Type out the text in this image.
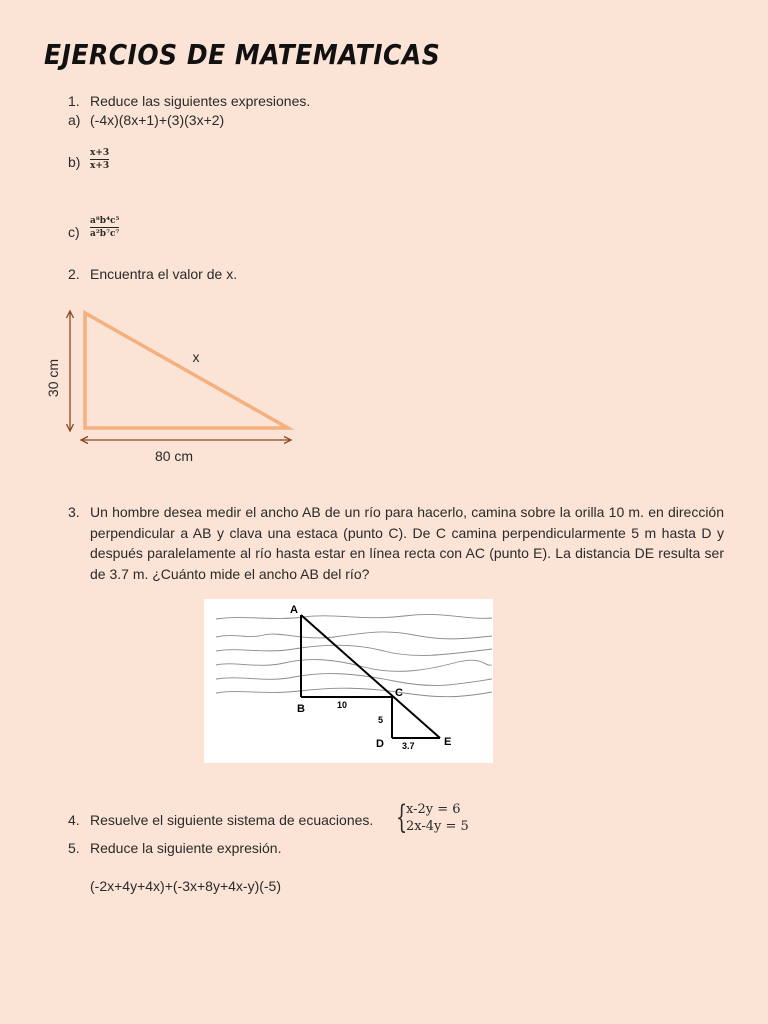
EJERCIOS DE MATEMATICAS
1. Reduce las siguientes expresiones.
a) (-4x)(8x+1)+(3)(3x+2)
b)
x+3
x+3
c)
a⁸b⁴c⁵
a²b⁷c⁷
2. Encuentra el valor de x.
30 cm
80 cm
x
3. Un hombre desea medir el ancho AB de un río para hacerlo, camina sobre la orilla 10 m. en dirección perpendicular a AB y clava una estaca (punto C). De C camina perpendicularmente 5 m hasta D y después paralelamente al río hasta estar en línea recta con AC (punto E). La distancia DE resulta ser de 3.7 m. ¿Cuánto mide el ancho AB del río?
A
B
C
D	E
10
5
3.7
4. Resuelve el siguiente sistema de ecuaciones. {
x-2y = 6
2x-4y = 5
5. Reduce la siguiente expresión.
(-2x+4y+4x)+(-3x+8y+4x-y)(-5)
